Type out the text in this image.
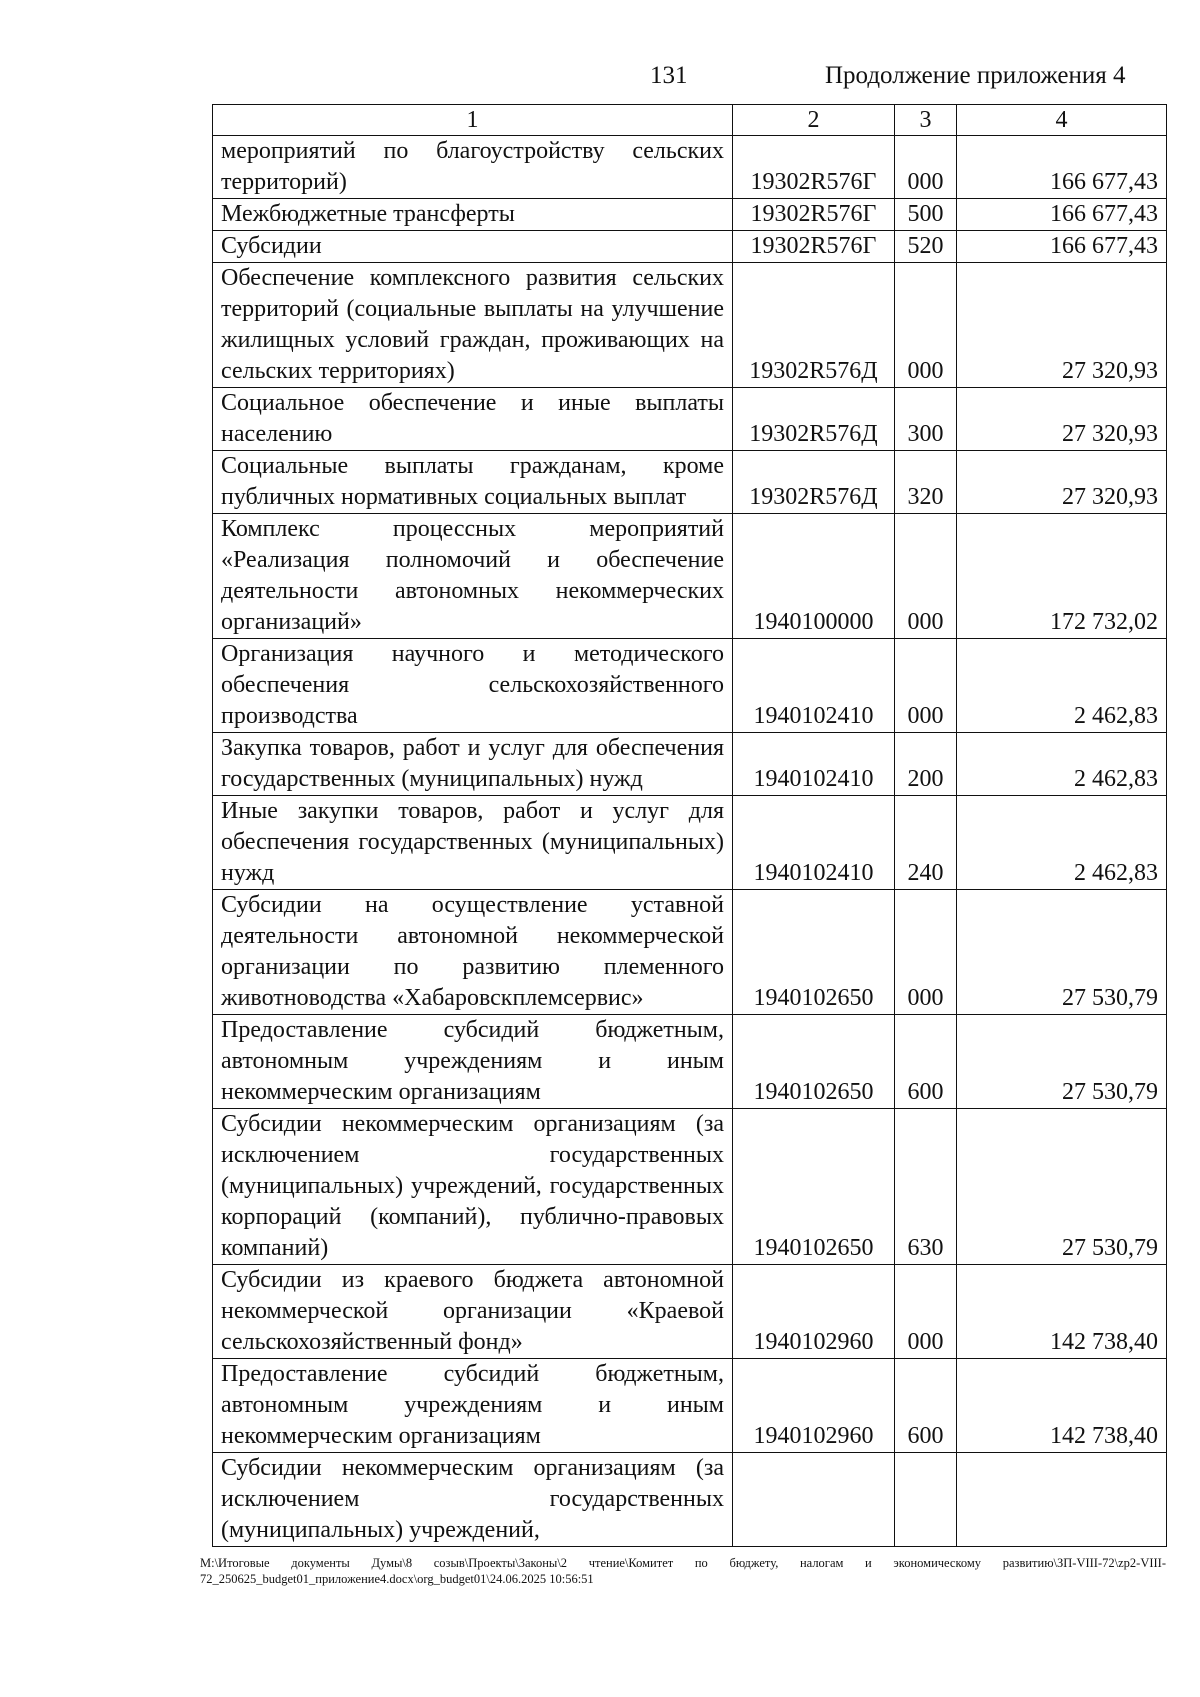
131	Продолжение приложения 4
1	2	3	4
мероприятий по благоустройству сельских территорий)	19302R576Г	000	166 677,43
Межбюджетные трансферты	19302R576Г	500	166 677,43
Субсидии	19302R576Г	520	166 677,43
Обеспечение комплексного развития сельских территорий (социальные выплаты на улучшение жилищных условий граждан, проживающих на сельских территориях)	19302R576Д	000	27 320,93
Социальное обеспечение и иные выплаты населению	19302R576Д	300	27 320,93
Социальные выплаты гражданам, кроме публичных нормативных социальных выплат	19302R576Д	320	27 320,93
Комплекс процессных мероприятий «Реализация полномочий и обеспечение деятельности автономных некоммерческих организаций»	1940100000	000	172 732,02
Организация научного и методического обеспечения сельскохозяйственного производства	1940102410	000	2 462,83
Закупка товаров, работ и услуг для обеспечения государственных (муниципальных) нужд	1940102410	200	2 462,83
Иные закупки товаров, работ и услуг для обеспечения государственных (муниципальных) нужд	1940102410	240	2 462,83
Субсидии на осуществление уставной деятельности автономной некоммерческой организации по развитию племенного животноводства «Хабаровскплемсервис»	1940102650	000	27 530,79
Предоставление субсидий бюджетным, автономным учреждениям и иным некоммерческим организациям	1940102650	600	27 530,79
Субсидии некоммерческим организациям (за исключением государственных (муниципальных) учреждений, государственных корпораций (компаний), публично-правовых компаний)	1940102650	630	27 530,79
Субсидии из краевого бюджета автономной некоммерческой организации «Краевой сельскохозяйственный фонд»	1940102960	000	142 738,40
Предоставление субсидий бюджетным, автономным учреждениям и иным некоммерческим организациям	1940102960	600	142 738,40
Субсидии некоммерческим организациям (за исключением государственных (муниципальных) учреждений,			
M:\Итоговые документы Думы\8 созыв\Проекты\Законы\2 чтение\Комитет по бюджету, налогам и экономическому развитию\ЗП-VIII-72\zp2-VIII-72_250625_budget01_приложение4.docx\org_budget01\24.06.2025 10:56:51
